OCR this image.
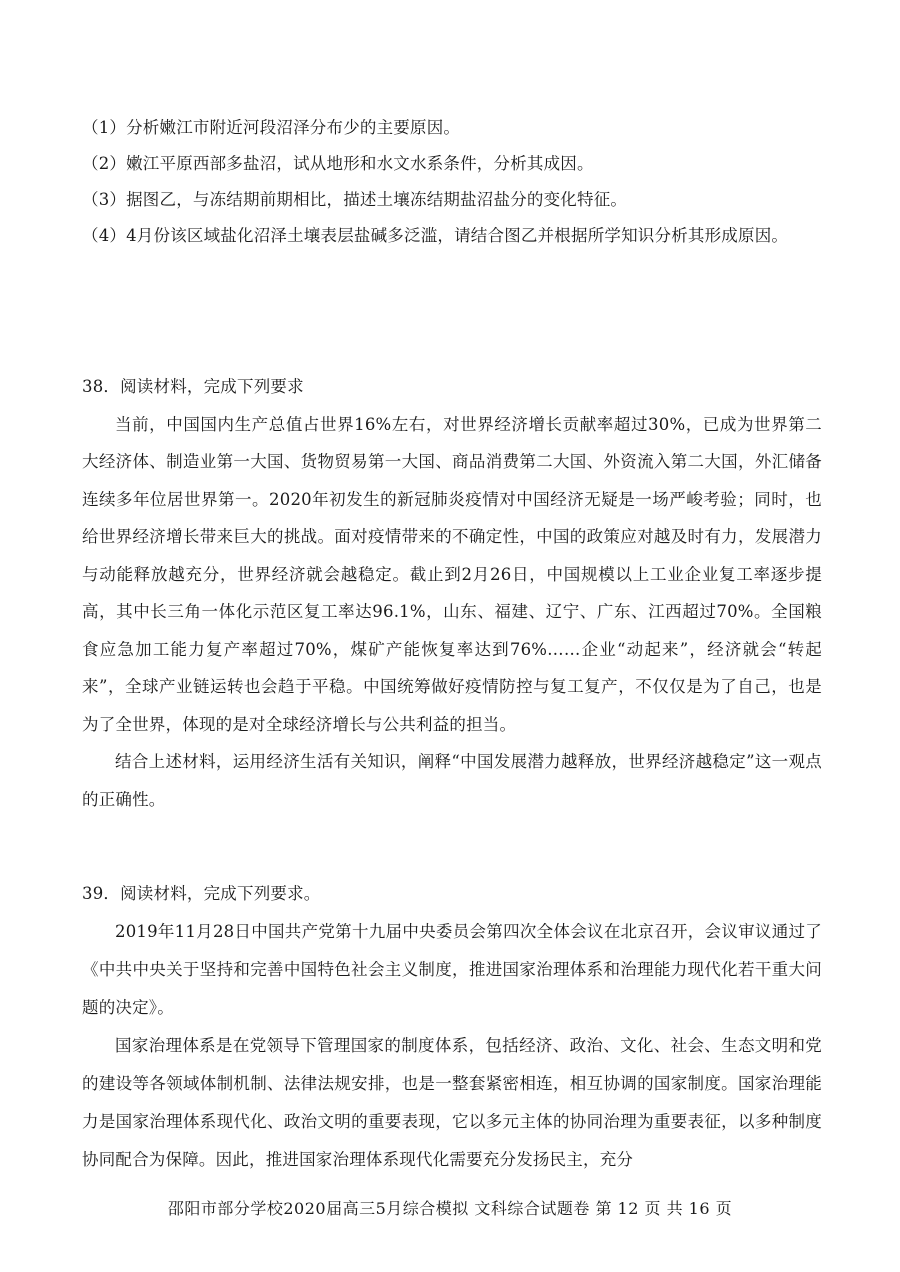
（1）分析嫩江市附近河段沼泽分布少的主要原因。

（2）嫩江平原西部多盐沼，试从地形和水文水系条件，分析其成因。

（3）据图乙，与冻结期前期相比，描述土壤冻结期盐沼盐分的变化特征。

（4）4月份该区域盐化沼泽土壤表层盐碱多泛滥，请结合图乙并根据所学知识分析其形成原因。

38．阅读材料，完成下列要求

当前，中国国内生产总值占世界16%左右，对世界经济增长贡献率超过30%，已成为世界第二大经济体、制造业第一大国、货物贸易第一大国、商品消费第二大国、外资流入第二大国，外汇储备连续多年位居世界第一。2020年初发生的新冠肺炎疫情对中国经济无疑是一场严峻考验；同时，也给世界经济增长带来巨大的挑战。面对疫情带来的不确定性，中国的政策应对越及时有力，发展潜力与动能释放越充分，世界经济就会越稳定。截止到2月26日，中国规模以上工业企业复工率逐步提高，其中长三角一体化示范区复工率达96.1%，山东、福建、辽宁、广东、江西超过70%。全国粮食应急加工能力复产率超过70%，煤矿产能恢复率达到76%……企业“动起来”，经济就会“转起来”，全球产业链运转也会趋于平稳。中国统筹做好疫情防控与复工复产，不仅仅是为了自己，也是为了全世界，体现的是对全球经济增长与公共利益的担当。

结合上述材料，运用经济生活有关知识，阐释“中国发展潜力越释放，世界经济越稳定”这一观点的正确性。

39．阅读材料，完成下列要求。

2019年11月28日中国共产党第十九届中央委员会第四次全体会议在北京召开，会议审议通过了《中共中央关于坚持和完善中国特色社会主义制度，推进国家治理体系和治理能力现代化若干重大问题的决定》。

国家治理体系是在党领导下管理国家的制度体系，包括经济、政治、文化、社会、生态文明和党的建设等各领域体制机制、法律法规安排，也是一整套紧密相连，相互协调的国家制度。国家治理能力是国家治理体系现代化、政治文明的重要表现，它以多元主体的协同治理为重要表征，以多种制度协同配合为保障。因此，推进国家治理体系现代化需要充分发扬民主，充分

邵阳市部分学校2020届高三5月综合模拟 文科综合试题卷 第 12 页 共 16 页
